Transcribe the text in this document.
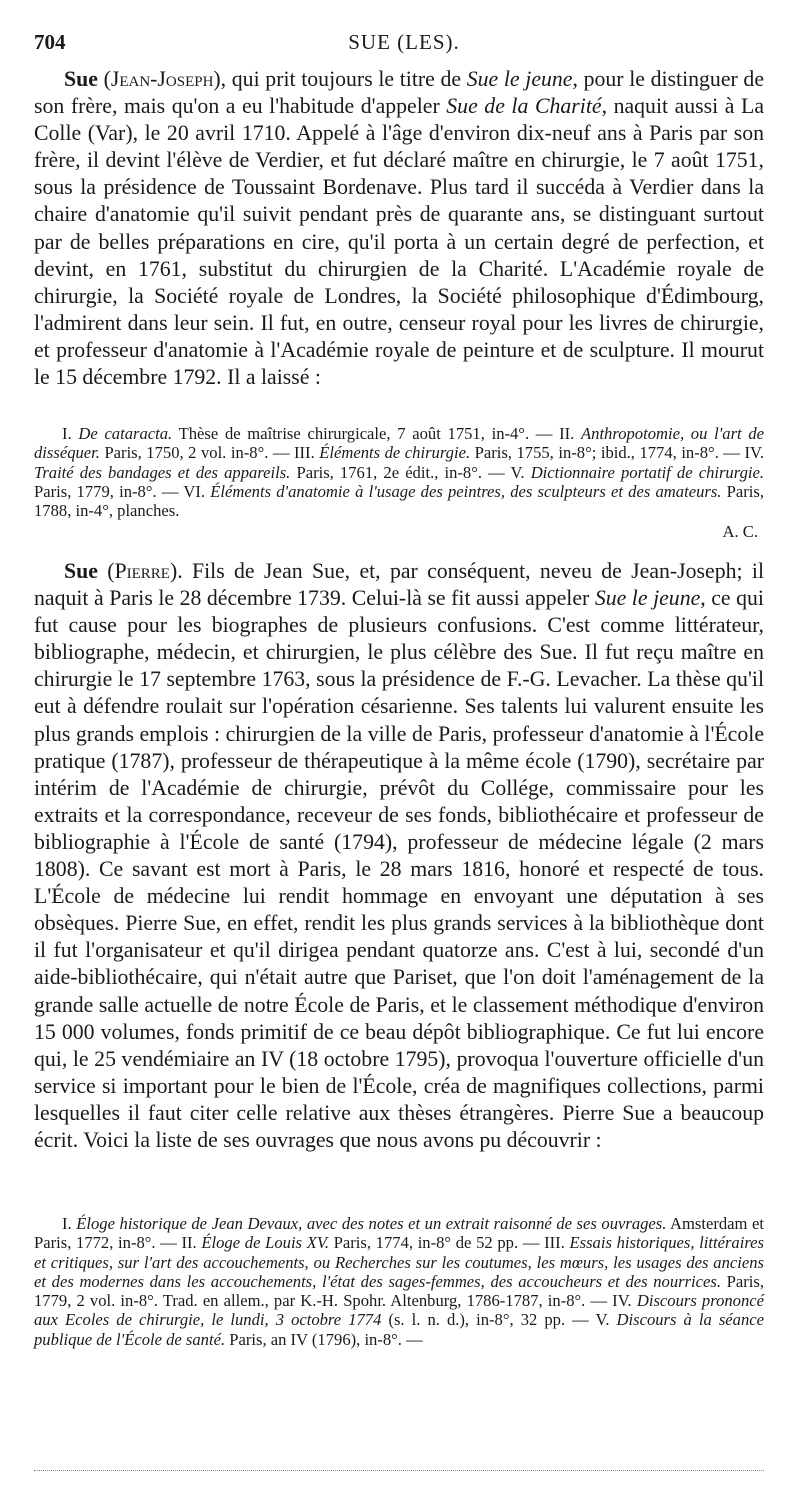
704	SUE (LES).

Sue (Jean-Joseph), qui prit toujours le titre de Sue le jeune, pour le distinguer de son frère, mais qu'on a eu l'habitude d'appeler Sue de la Charité, naquit aussi à La Colle (Var), le 20 avril 1710. Appelé à l'âge d'environ dix-neuf ans à Paris par son frère, il devint l'élève de Verdier, et fut déclaré maître en chirurgie, le 7 août 1751, sous la présidence de Toussaint Bordenave. Plus tard il succéda à Verdier dans la chaire d'anatomie qu'il suivit pendant près de quarante ans, se distinguant surtout par de belles préparations en cire, qu'il porta à un certain degré de perfection, et devint, en 1761, substitut du chirurgien de la Charité. L'Académie royale de chirurgie, la Société royale de Londres, la Société philosophique d'Édimbourg, l'admirent dans leur sein. Il fut, en outre, censeur royal pour les livres de chirurgie, et professeur d'anatomie à l'Académie royale de peinture et de sculpture. Il mourut le 15 décembre 1792. Il a laissé :

I. De cataracta. Thèse de maîtrise chirurgicale, 7 août 1751, in-4°. — II. Anthropotomie, ou l'art de disséquer. Paris, 1750, 2 vol. in-8°. — III. Éléments de chirurgie. Paris, 1755, in-8°; ibid., 1774, in-8°. — IV. Traité des bandages et des appareils. Paris, 1761, 2e édit., in-8°. — V. Dictionnaire portatif de chirurgie. Paris, 1779, in-8°. — VI. Éléments d'anatomie à l'usage des peintres, des sculpteurs et des amateurs. Paris, 1788, in-4°, planches.

A. C.

Sue (Pierre). Fils de Jean Sue, et, par conséquent, neveu de Jean-Joseph; il naquit à Paris le 28 décembre 1739. Celui-là se fit aussi appeler Sue le jeune, ce qui fut cause pour les biographes de plusieurs confusions. C'est comme littérateur, bibliographe, médecin, et chirurgien, le plus célèbre des Sue. Il fut reçu maître en chirurgie le 17 septembre 1763, sous la présidence de F.-G. Levacher. La thèse qu'il eut à défendre roulait sur l'opération césarienne. Ses talents lui valurent ensuite les plus grands emplois : chirurgien de la ville de Paris, professeur d'anatomie à l'École pratique (1787), professeur de thérapeutique à la même école (1790), secrétaire par intérim de l'Académie de chirurgie, prévôt du Collége, commissaire pour les extraits et la correspondance, receveur de ses fonds, bibliothécaire et professeur de bibliographie à l'École de santé (1794), professeur de médecine légale (2 mars 1808). Ce savant est mort à Paris, le 28 mars 1816, honoré et respecté de tous. L'École de médecine lui rendit hommage en envoyant une députation à ses obsèques. Pierre Sue, en effet, rendit les plus grands services à la bibliothèque dont il fut l'organisateur et qu'il dirigea pendant quatorze ans. C'est à lui, secondé d'un aide-bibliothécaire, qui n'était autre que Pariset, que l'on doit l'aménagement de la grande salle actuelle de notre École de Paris, et le classement méthodique d'environ 15 000 volumes, fonds primitif de ce beau dépôt bibliographique. Ce fut lui encore qui, le 25 vendémiaire an IV (18 octobre 1795), provoqua l'ouverture officielle d'un service si important pour le bien de l'École, créa de magnifiques collections, parmi lesquelles il faut citer celle relative aux thèses étrangères. Pierre Sue a beaucoup écrit. Voici la liste de ses ouvrages que nous avons pu découvrir :

I. Éloge historique de Jean Devaux, avec des notes et un extrait raisonné de ses ouvrages. Amsterdam et Paris, 1772, in-8°. — II. Éloge de Louis XV. Paris, 1774, in-8° de 52 pp. — III. Essais historiques, littéraires et critiques, sur l'art des accouchements, ou Recherches sur les coutumes, les mœurs, les usages des anciens et des modernes dans les accouchements, l'état des sages-femmes, des accoucheurs et des nourrices. Paris, 1779, 2 vol. in-8°. Trad. en allem., par K.-H. Spohr. Altenburg, 1786-1787, in-8°. — IV. Discours prononcé aux Ecoles de chirurgie, le lundi, 3 octobre 1774 (s. l. n. d.), in-8°, 32 pp. — V. Discours à la séance publique de l'École de santé. Paris, an IV (1796), in-8°. —
